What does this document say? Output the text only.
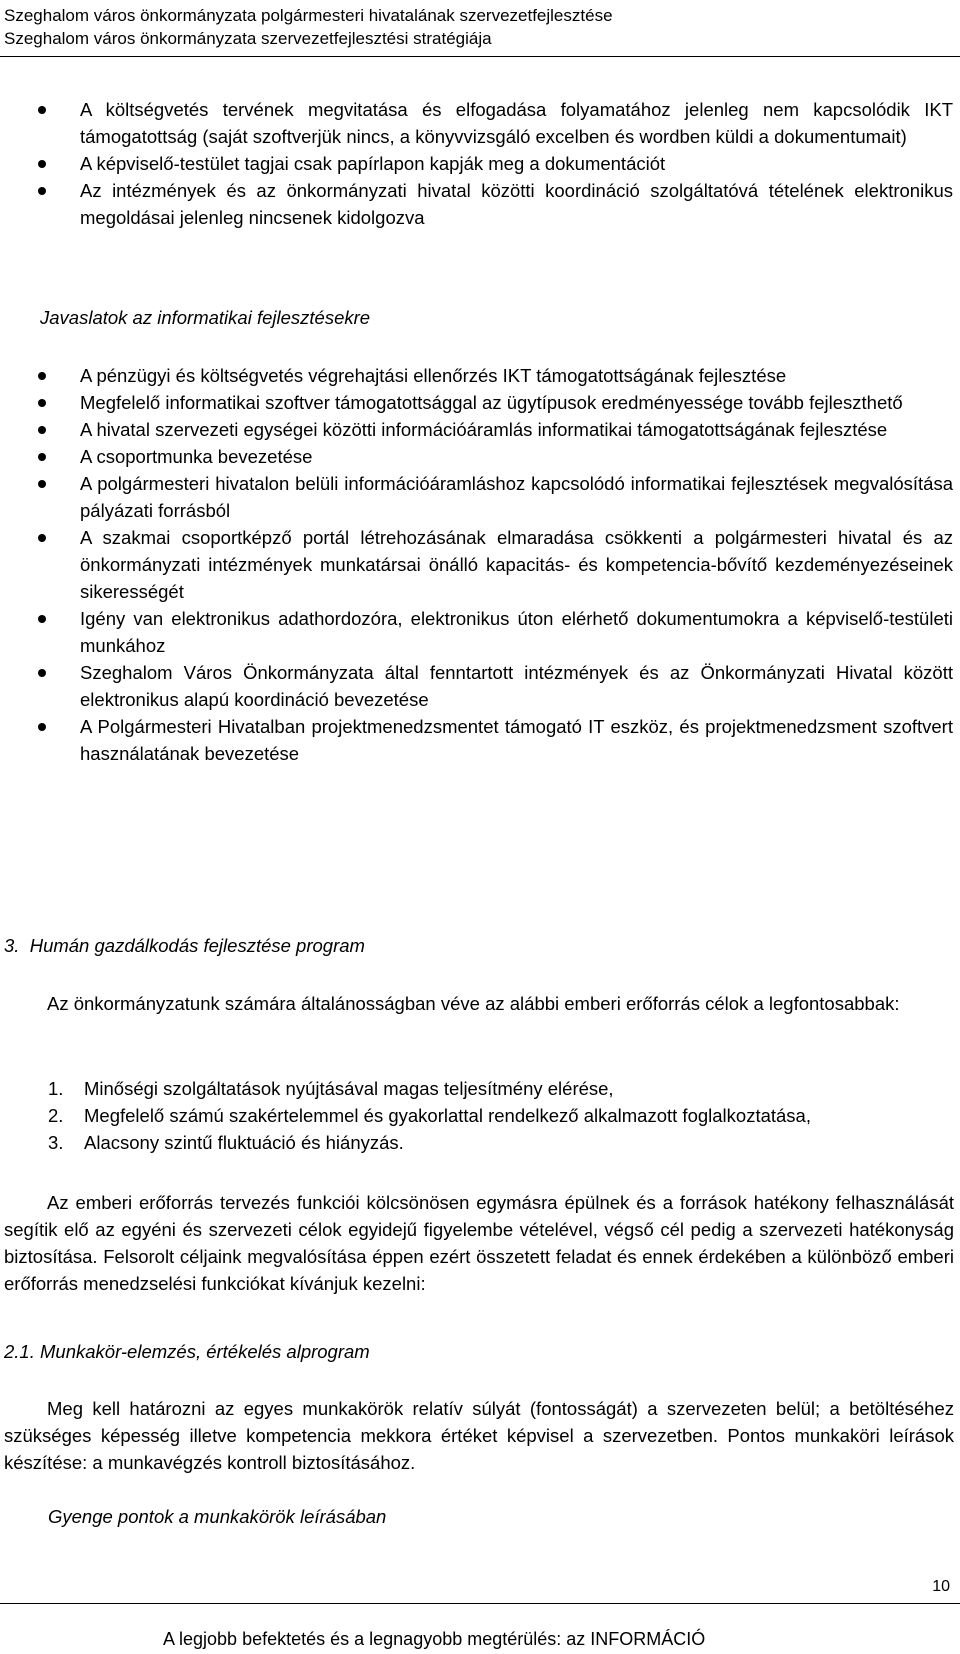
Szeghalom város önkormányzata polgármesteri hivatalának szervezetfejlesztése
Szeghalom város önkormányzata szervezetfejlesztési stratégiája
A költségvetés tervének megvitatása és elfogadása folyamatához jelenleg nem kapcsolódik IKT támogatottság (saját szoftverjük nincs, a könyvvizsgáló excelben és wordben küldi a dokumentumait)
A képviselő-testület tagjai csak papírlapon kapják meg a dokumentációt
Az intézmények és az önkormányzati hivatal közötti koordináció szolgáltatóvá tételének elektronikus megoldásai jelenleg nincsenek kidolgozva
Javaslatok az informatikai fejlesztésekre
A pénzügyi és költségvetés végrehajtási ellenőrzés IKT támogatottságának fejlesztése
Megfelelő informatikai szoftver támogatottsággal az ügytípusok eredményessége tovább fejleszthető
A hivatal szervezeti egységei közötti információáramlás informatikai támogatottságának fejlesztése
A csoportmunka bevezetése
A polgármesteri hivatalon belüli információáramláshoz kapcsolódó informatikai fejlesztések megvalósítása pályázati forrásból
A szakmai csoportképző portál létrehozásának elmaradása csökkenti a polgármesteri hivatal és az önkormányzati intézmények munkatársai önálló kapacitás- és kompetencia-bővítő kezdeményezéseinek sikerességét
Igény van elektronikus adathordozóra, elektronikus úton elérhető dokumentumokra a képviselő-testületi munkához
Szeghalom Város Önkormányzata által fenntartott intézmények és az Önkormányzati Hivatal között elektronikus alapú koordináció bevezetése
A Polgármesteri Hivatalban projektmenedzsmentet támogató IT eszköz, és projektmenedzsment szoftvert használatának bevezetése
3.  Humán gazdálkodás fejlesztése program

Az önkormányzatunk számára általánosságban véve az alábbi emberi erőforrás célok a legfontosabbak:

1. Minőségi szolgáltatások nyújtásával magas teljesítmény elérése,
2. Megfelelő számú szakértelemmel és gyakorlattal rendelkező alkalmazott foglalkoztatása,
3. Alacsony szintű fluktuáció és hiányzás.

Az emberi erőforrás tervezés funkciói kölcsönösen egymásra épülnek és a források hatékony felhasználását segítik elő az egyéni és szervezeti célok egyidejű figyelembe vételével, végső cél pedig a szervezeti hatékonyság biztosítása. Felsorolt céljaink megvalósítása éppen ezért összetett feladat és ennek érdekében a különböző emberi erőforrás menedzselési funkciókat kívánjuk kezelni:

2.1. Munkakör-elemzés, értékelés alprogram

Meg kell határozni az egyes munkakörök relatív súlyát (fontosságát) a szervezeten belül; a betöltéséhez szükséges képesség illetve kompetencia mekkora értéket képvisel a szervezetben. Pontos munkaköri leírások készítése: a munkavégzés kontroll biztosításához.

Gyenge pontok a munkakörök leírásában
10
A legjobb befektetés és a legnagyobb megtérülés: az INFORMÁCIÓ
